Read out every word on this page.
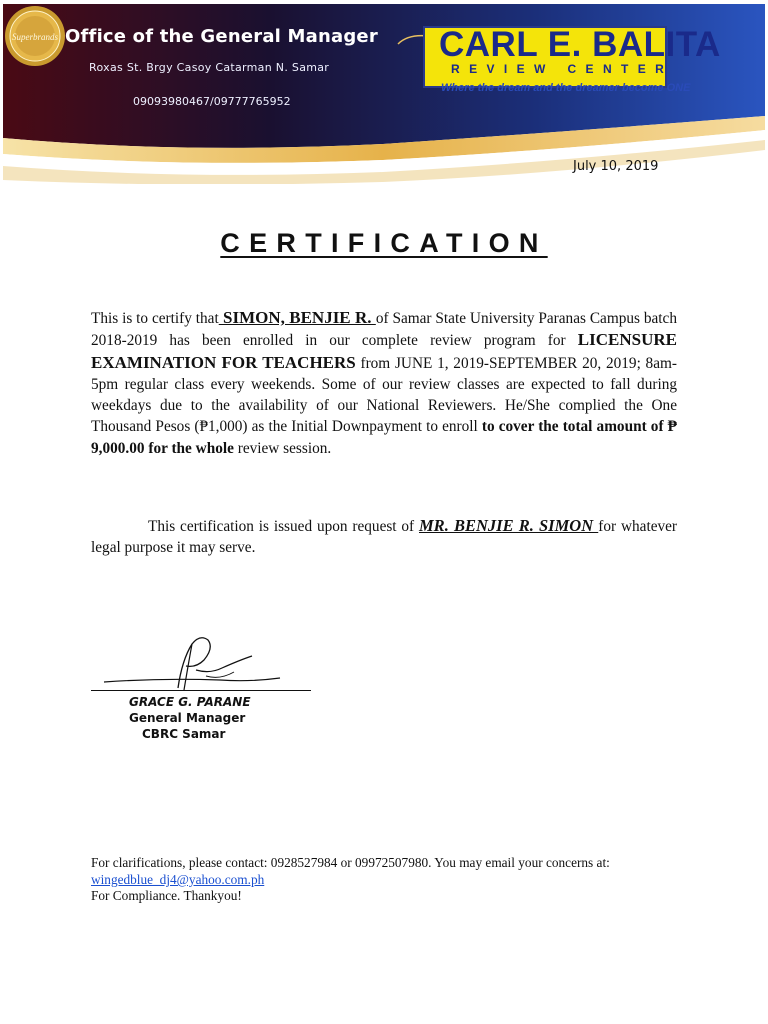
Office of the General Manager
Roxas St. Brgy Casoy Catarman N. Samar
09093980467/09777765952
CARL E. BALITA
REVIEW CENTER
Where the dream and the dreamer become ONE
Superbrands
July 10, 2019
CERTIFICATION
This is to certify that SIMON, BENJIE R. of Samar State University Paranas Campus batch 2018-2019 has been enrolled in our complete review program for LICENSURE EXAMINATION FOR TEACHERS from JUNE 1, 2019-SEPTEMBER 20, 2019; 8am-5pm regular class every weekends. Some of our review classes are expected to fall during weekdays due to the availability of our National Reviewers. He/She complied the One Thousand Pesos (₱1,000) as the Initial Downpayment to enroll to cover the total amount of ₱ 9,000.00 for the whole review session.
This certification is issued upon request of MR. BENJIE R. SIMON for whatever legal purpose it may serve.
GRACE G. PARANE
General Manager
CBRC Samar
For clarifications, please contact: 0928527984 or 09972507980. You may email your concerns at:
wingedblue_dj4@yahoo.com.ph
For Compliance. Thankyou!
